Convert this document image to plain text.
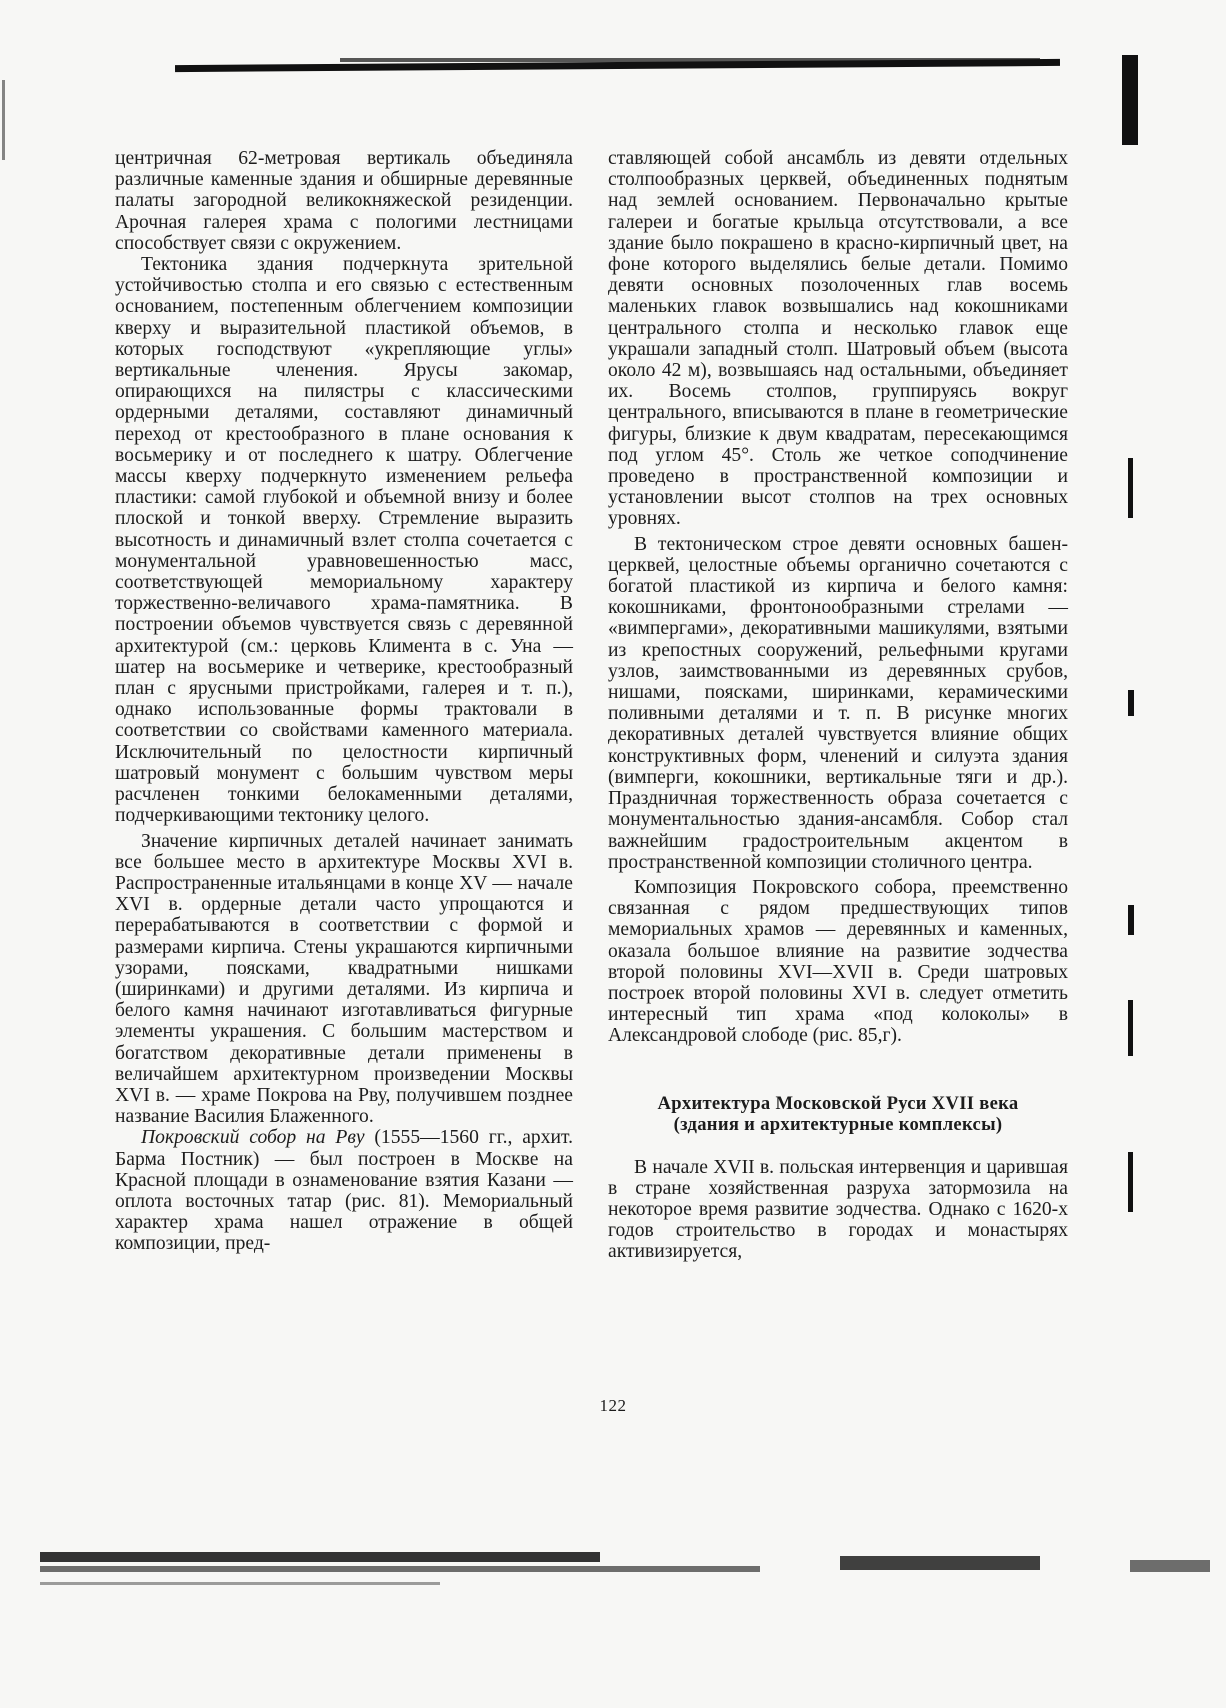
центричная 62-метровая вертикаль объединяла различные каменные здания и обширные деревянные палаты загородной великокняжеской резиденции. Арочная галерея храма с пологими лестницами способствует связи с окружением.

Тектоника здания подчеркнута зрительной устойчивостью столпа и его связью с естественным основанием, постепенным облегчением композиции кверху и выразительной пластикой объемов, в которых господствуют «укрепляющие углы» вертикальные членения. Ярусы закомар, опирающихся на пилястры с классическими ордерными деталями, составляют динамичный переход от крестообразного в плане основания к восьмерику и от последнего к шатру. Облегчение массы кверху подчеркнуто изменением рельефа пластики: самой глубокой и объемной внизу и более плоской и тонкой вверху. Стремление выразить высотность и динамичный взлет столпа сочетается с монументальной уравновешенностью масс, соответствующей мемориальному характеру торжественно-величавого храма-памятника. В построении объемов чувствуется связь с деревянной архитектурой (см.: церковь Климента в с. Уна — шатер на восьмерике и четверике, крестообразный план с ярусными пристройками, галерея и т. п.), однако использованные формы трактовали в соответствии со свойствами каменного материала. Исключительный по целостности кирпичный шатровый монумент с большим чувством меры расчленен тонкими белокаменными деталями, подчеркивающими тектонику целого.

Значение кирпичных деталей начинает занимать все большее место в архитектуре Москвы XVI в. Распространенные итальянцами в конце XV — начале XVI в. ордерные детали часто упрощаются и перерабатываются в соответствии с формой и размерами кирпича. Стены украшаются кирпичными узорами, поясками, квадратными нишками (ширинками) и другими деталями. Из кирпича и белого камня начинают изготавливаться фигурные элементы украшения. С большим мастерством и богатством декоративные детали применены в величайшем архитектурном произведении Москвы XVI в. — храме Покрова на Рву, получившем позднее название Василия Блаженного.

Покровский собор на Рву (1555—1560 гг., архит. Барма Постник) — был построен в Москве на Красной площади в ознаменование взятия Казани — оплота восточных татар (рис. 81). Мемориальный характер храма нашел отражение в общей композиции, пред-

ставляющей собой ансамбль из девяти отдельных столпообразных церквей, объединенных поднятым над землей основанием. Первоначально крытые галереи и богатые крыльца отсутствовали, а все здание было покрашено в красно-кирпичный цвет, на фоне которого выделялись белые детали. Помимо девяти основных позолоченных глав восемь маленьких главок возвышались над кокошниками центрального столпа и несколько главок еще украшали западный столп. Шатровый объем (высота около 42 м), возвышаясь над остальными, объединяет их. Восемь столпов, группируясь вокруг центрального, вписываются в плане в геометрические фигуры, близкие к двум квадратам, пересекающимся под углом 45°. Столь же четкое соподчинение проведено в пространственной композиции и установлении высот столпов на трех основных уровнях.

В тектоническом строе девяти основных башен-церквей, целостные объемы органично сочетаются с богатой пластикой из кирпича и белого камня: кокошниками, фронтонообразными стрелами — «вимпергами», декоративными машикулями, взятыми из крепостных сооружений, рельефными кругами узлов, заимствованными из деревянных срубов, нишами, поясками, ширинками, керамическими поливными деталями и т. п. В рисунке многих декоративных деталей чувствуется влияние общих конструктивных форм, членений и силуэта здания (вимперги, кокошники, вертикальные тяги и др.). Праздничная торжественность образа сочетается с монументальностью здания-ансамбля. Собор стал важнейшим градостроительным акцентом в пространственной композиции столичного центра.

Композиция Покровского собора, преемственно связанная с рядом предшествующих типов мемориальных храмов — деревянных и каменных, оказала большое влияние на развитие зодчества второй половины XVI—XVII в. Среди шатровых построек второй половины XVI в. следует отметить интересный тип храма «под колоколы» в Александровой слободе (рис. 85,г).

Архитектура Московской Руси XVII века
(здания и архитектурные комплексы)

В начале XVII в. польская интервенция и царившая в стране хозяйственная разруха затормозила на некоторое время развитие зодчества. Однако с 1620-х годов строительство в городах и монастырях активизируется,

122
